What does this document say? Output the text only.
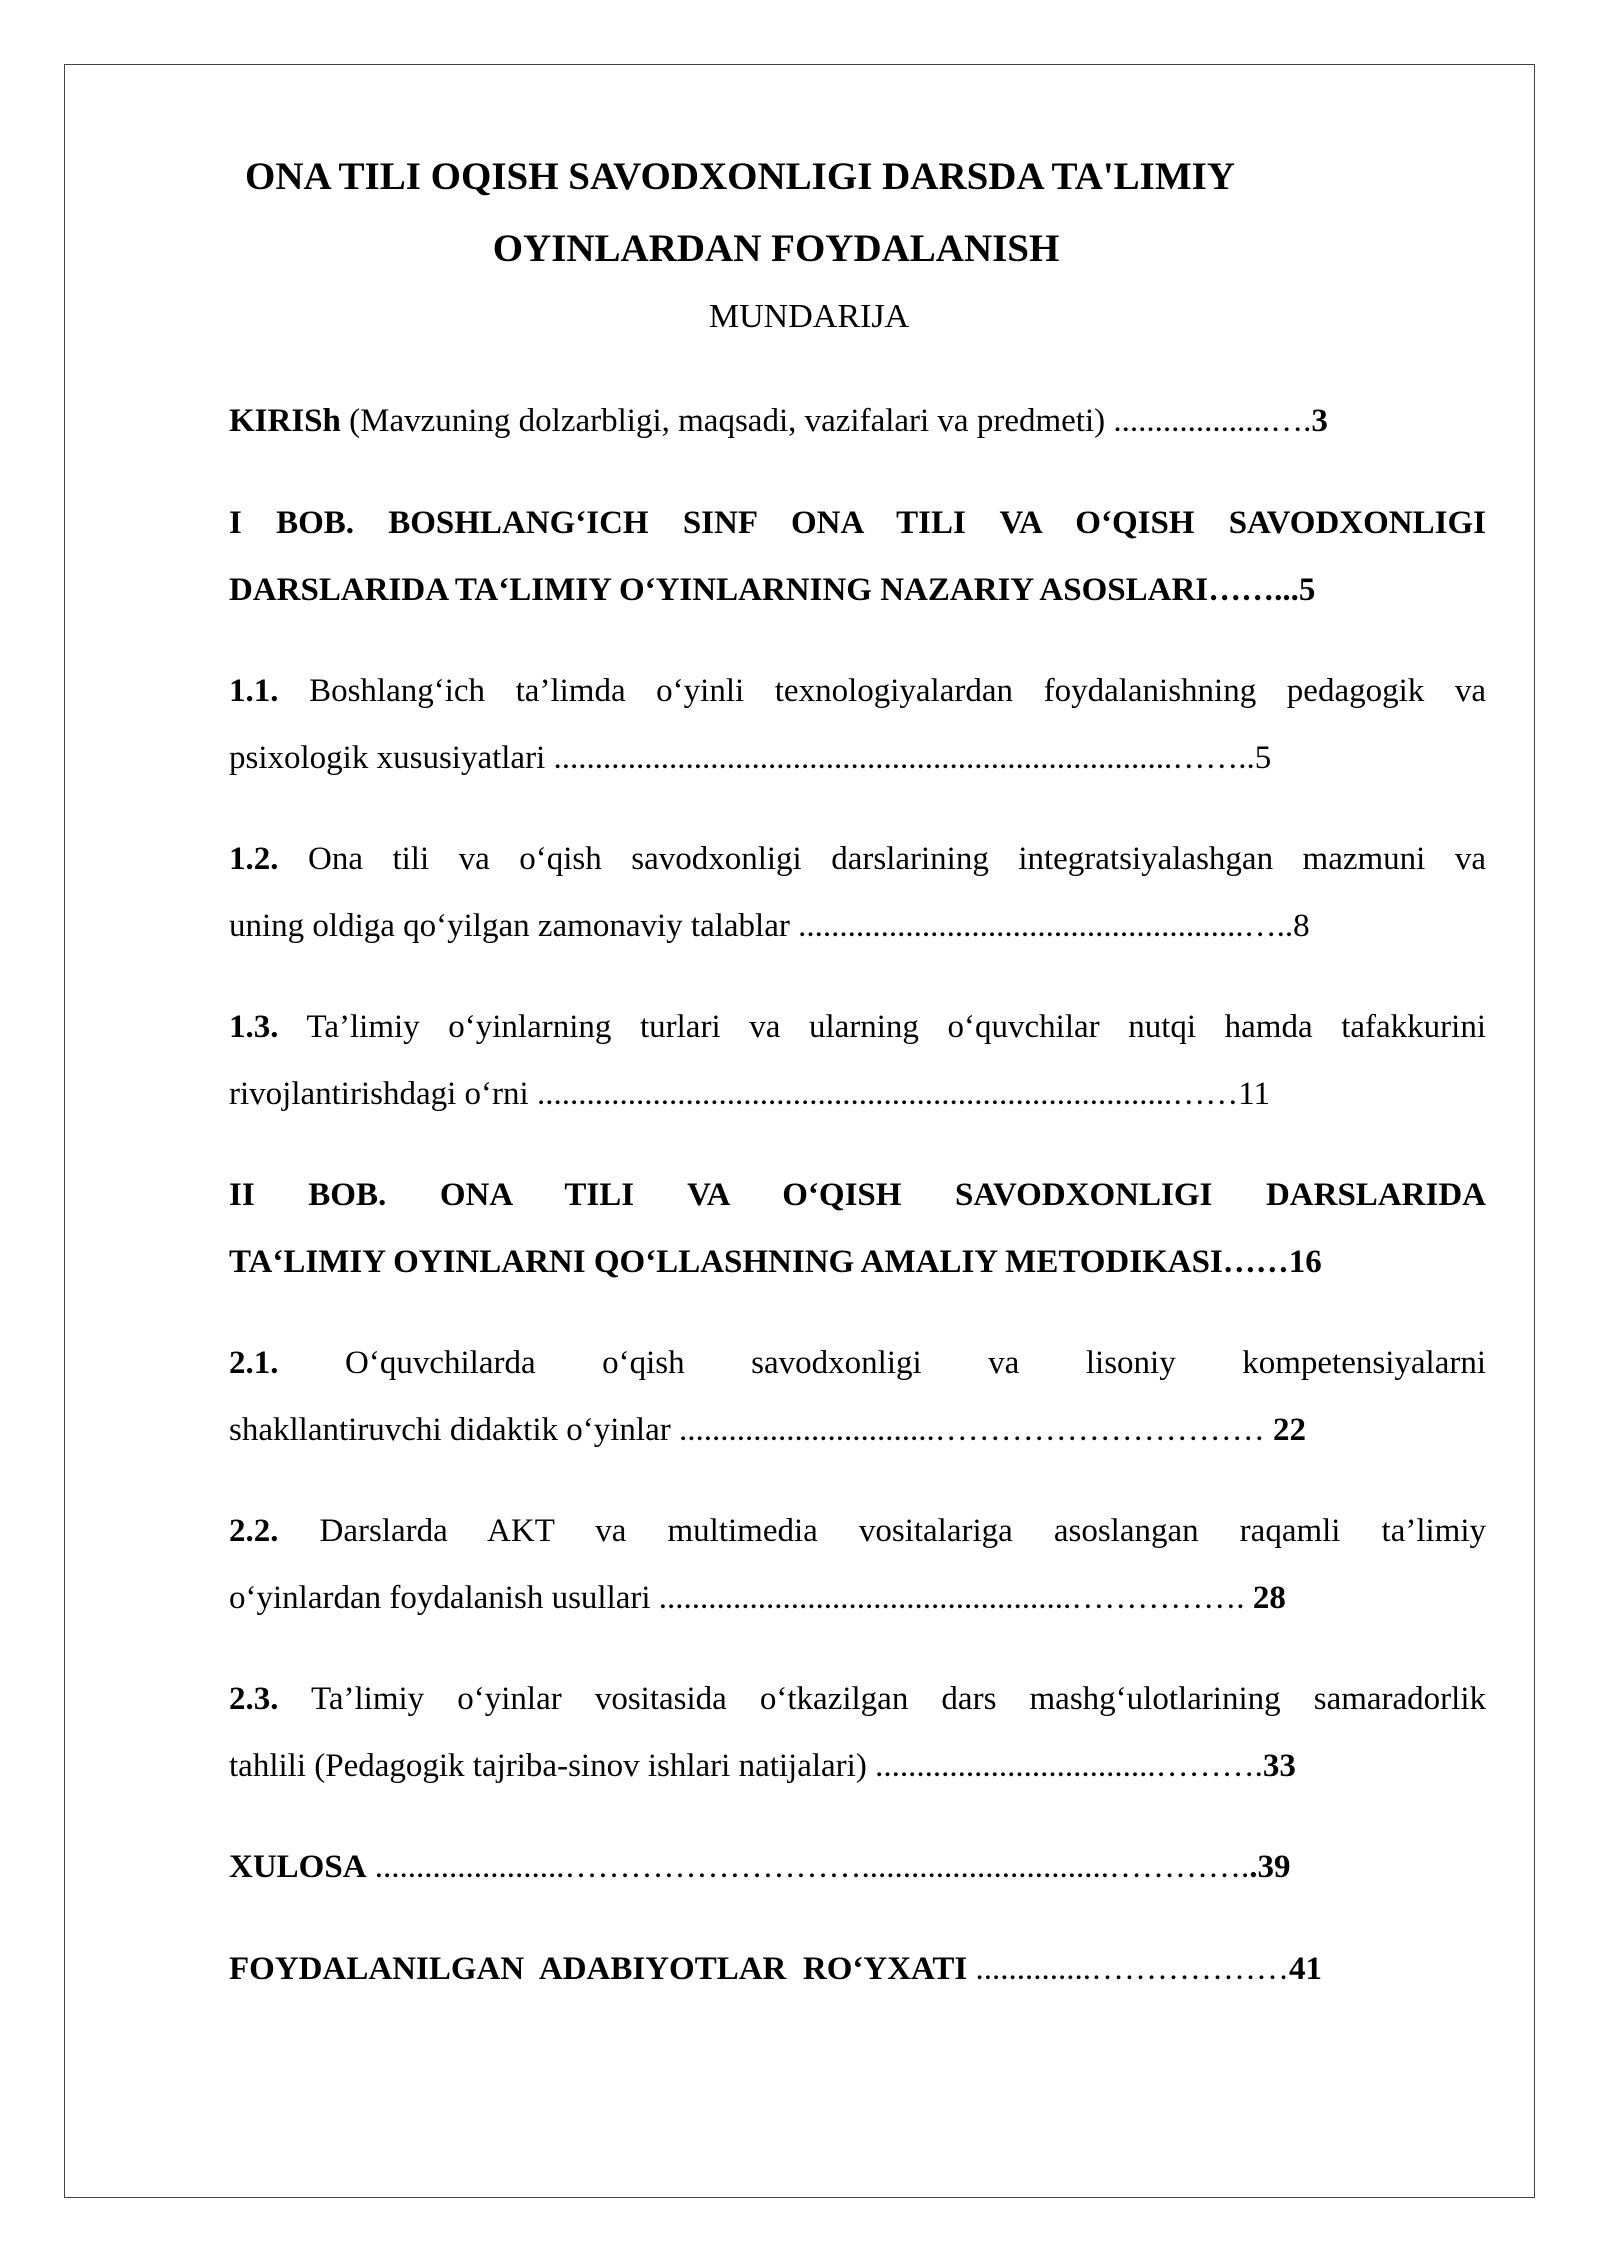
ONA TILI OQISH SAVODXONLIGI DARSDA TA'LIMIY
OYINLARDAN FOYDALANISH
MUNDARIJA
KIRISh (Mavzuning dolzarbligi, maqsadi, vazifalari va predmeti) ...................….3
I BOB. BOSHLANG‘ICH SINF ONA TILI VA O‘QISH SAVODXONLIGI
DARSLARIDA TA‘LIMIY O‘YINLARNING NAZARIY ASOSLARI……...5
1.1. Boshlang‘ich ta’limda o‘yinli texnologiyalardan foydalanishning pedagogik va
psixologik xususiyatlari ...........................................................................……..5
1.2. Ona tili va o‘qish savodxonligi darslarining integratsiyalashgan mazmuni va
uning oldiga qo‘yilgan zamonaviy talablar ......................................................…..8
1.3. Ta’limiy o‘yinlarning turlari va ularning o‘quvchilar nutqi hamda tafakkurini
rivojlantirishdagi o‘rni .............................................................................……11
II BOB. ONA TILI VA O‘QISH SAVODXONLIGI DARSLARIDA
TA‘LIMIY OYINLARNI QO‘LLASHNING AMALIY METODIKASI……16
2.1. O‘quvchilarda o‘qish savodxonligi va lisoniy kompetensiyalarni
shakllantiruvchi didaktik o‘yinlar ...............................………………………… 22
2.2. Darslarda AKT va multimedia vositalariga asoslangan raqamli ta’limiy
o‘yinlardan foydalanish usullari ..................................................……………. 28
2.3. Ta’limiy o‘yinlar vositasida o‘tkazilgan dars mashg‘ulotlarining samaradorlik
tahlili (Pedagogik tajriba-sinov ishlari natijalari) ..................................……….33
XULOSA .......................………………………..............................…………..39
FOYDALANILGAN  ADABIYOTLAR  RO‘YXATI ..............………………41
